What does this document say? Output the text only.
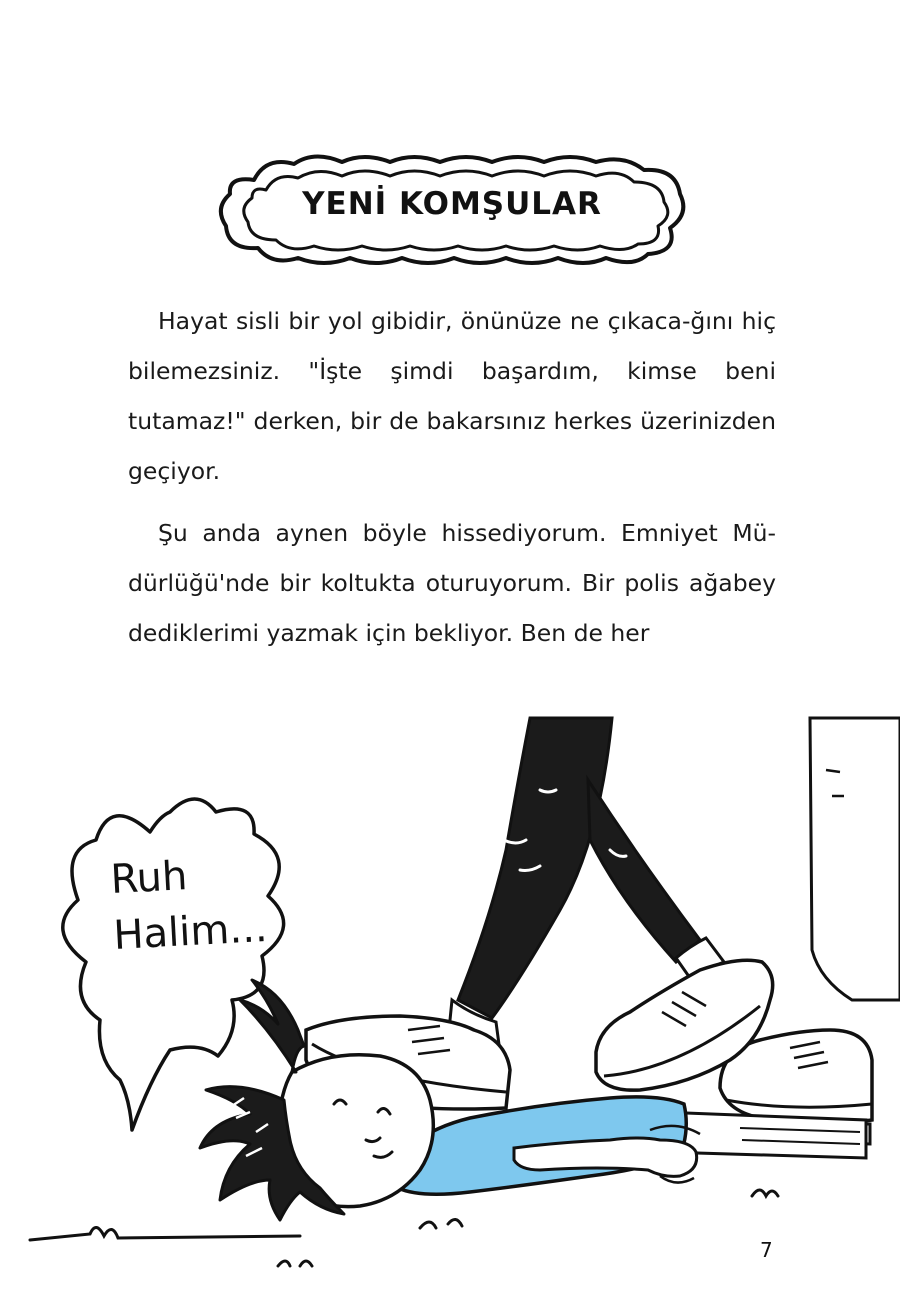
YENİ KOMŞULAR

Hayat sisli bir yol gibidir, önünüze ne çıkaca-ğını hiç bilemezsiniz. "İşte şimdi başardım, kimse beni tutamaz!" derken, bir de bakarsınız herkes üzerinizden geçiyor.

Şu anda aynen böyle hissediyorum. Emniyet Mü-dürlüğü'nde bir koltukta oturuyorum. Bir polis ağabey dediklerimi yazmak için bekliyor. Ben de her

Ruh
Halim...
7
